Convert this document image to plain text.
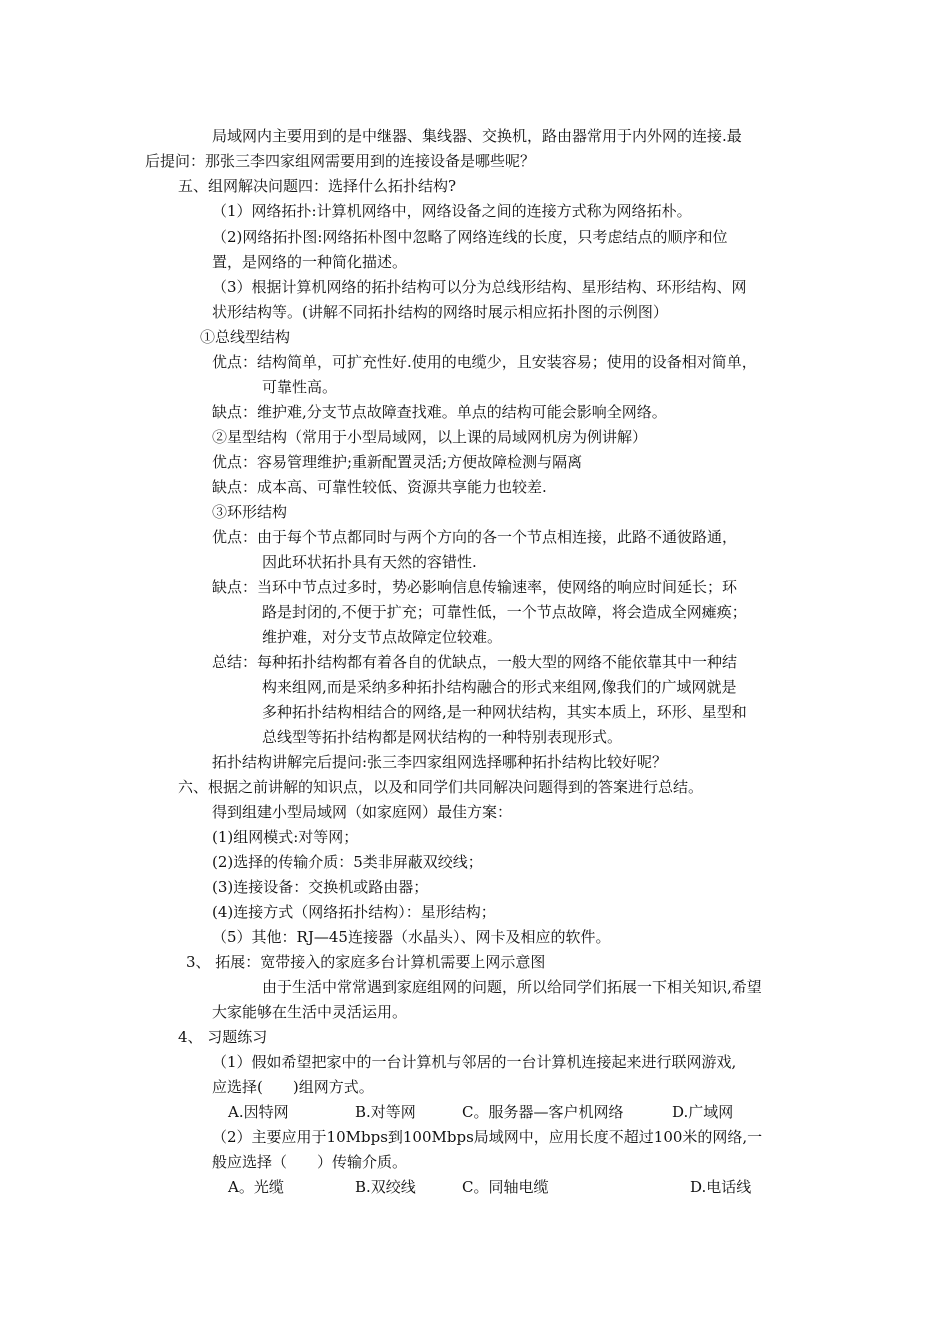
局域网内主要用到的是中继器、集线器、交换机，路由器常用于内外网的连接.最
后提问：那张三李四家组网需要用到的连接设备是哪些呢？
五、组网解决问题四：选择什么拓扑结构?
（1）网络拓扑:计算机网络中，网络设备之间的连接方式称为网络拓朴。
（2)网络拓扑图:网络拓朴图中忽略了网络连线的长度，只考虑结点的顺序和位
置，是网络的一种简化描述。
（3）根据计算机网络的拓扑结构可以分为总线形结构、星形结构、环形结构、网
状形结构等。(讲解不同拓扑结构的网络时展示相应拓扑图的示例图）
①总线型结构
优点：结构简单，可扩充性好.使用的电缆少，且安装容易；使用的设备相对简单，
可靠性高。
缺点：维护难,分支节点故障查找难。单点的结构可能会影响全网络。
②星型结构（常用于小型局域网，以上课的局域网机房为例讲解）
优点：容易管理维护;重新配置灵活;方便故障检测与隔离
缺点：成本高、可靠性较低、资源共享能力也较差.
③环形结构
优点：由于每个节点都同时与两个方向的各一个节点相连接，此路不通彼路通，
因此环状拓扑具有天然的容错性.
缺点：当环中节点过多时，势必影响信息传输速率，使网络的响应时间延长；环
路是封闭的,不便于扩充；可靠性低，一个节点故障，将会造成全网瘫痪；
维护难，对分支节点故障定位较难。
总结：每种拓扑结构都有着各自的优缺点，一般大型的网络不能依靠其中一种结
构来组网,而是采纳多种拓扑结构融合的形式来组网,像我们的广域网就是
多种拓扑结构相结合的网络,是一种网状结构，其实本质上，环形、星型和
总线型等拓扑结构都是网状结构的一种特别表现形式。
拓扑结构讲解完后提问:张三李四家组网选择哪种拓扑结构比较好呢？
六、根据之前讲解的知识点，以及和同学们共同解决问题得到的答案进行总结。
得到组建小型局域网（如家庭网）最佳方案：
(1)组网模式:对等网；
(2)选择的传输介质：5类非屏蔽双绞线；
(3)连接设备：交换机或路由器；
(4)连接方式（网络拓扑结构）：星形结构；
（5）其他：RJ—45连接器（水晶头）、网卡及相应的软件。
3、 拓展：宽带接入的家庭多台计算机需要上网示意图
由于生活中常常遇到家庭组网的问题，所以给同学们拓展一下相关知识,希望
大家能够在生活中灵活运用。
4、 习题练习
（1）假如希望把家中的一台计算机与邻居的一台计算机连接起来进行联网游戏,
应选择(　　)组网方式。
A.因特网	B.对等网	C。服务器—客户机网络	D.广域网
（2）主要应用于10Mbps到100Mbps局域网中，应用长度不超过100米的网络,一
般应选择（　　）传输介质。
A。光缆	B.双绞线	C。同轴电缆	D.电话线
